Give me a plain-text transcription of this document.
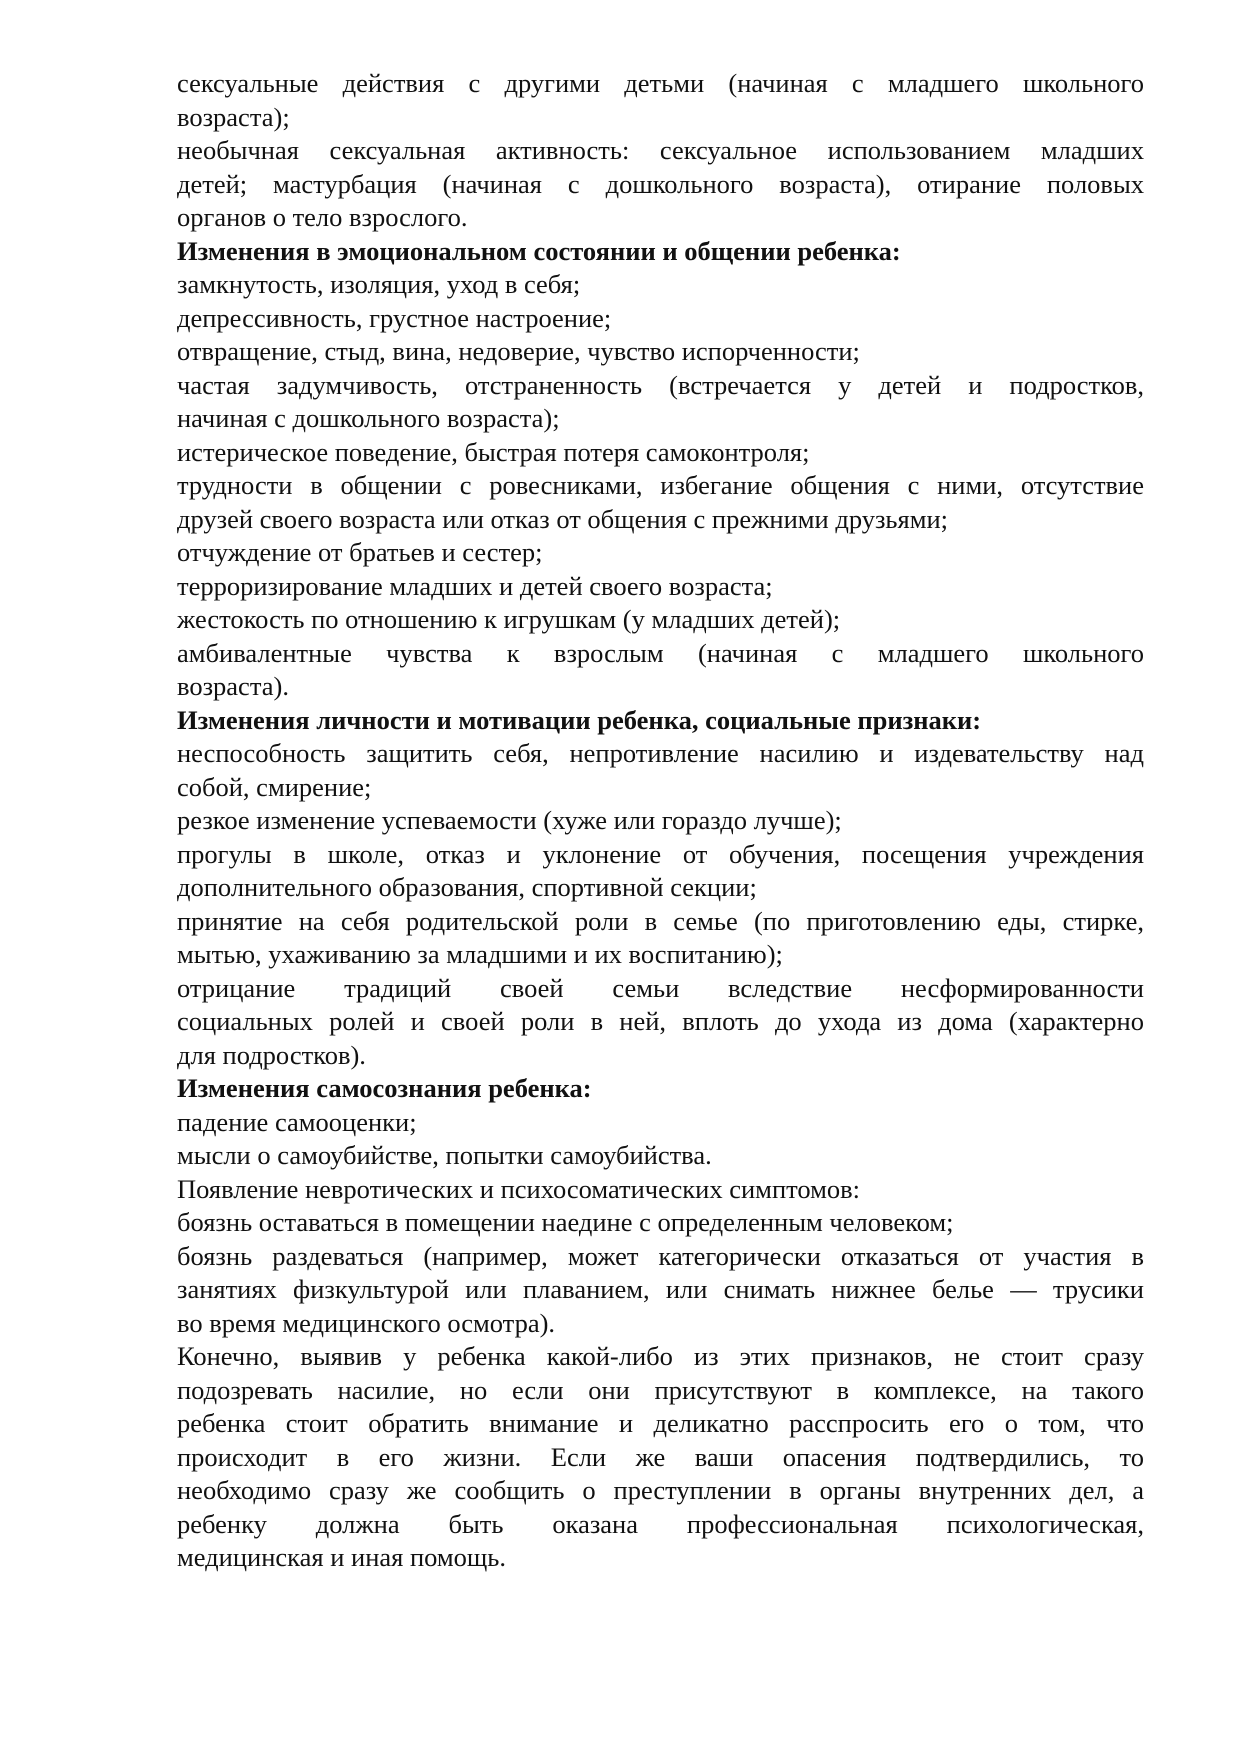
сексуальные действия с другими детьми (начиная с младшего школьного
возраста);
необычная сексуальная активность: сексуальное использованием младших
детей; мастурбация (начиная с дошкольного возраста), отирание половых
органов о тело взрослого.
Изменения в эмоциональном состоянии и общении ребенка:
замкнутость, изоляция, уход в себя;
депрессивность, грустное настроение;
отвращение, стыд, вина, недоверие, чувство испорченности;
частая задумчивость, отстраненность (встречается у детей и подростков,
начиная с дошкольного возраста);
истерическое поведение, быстрая потеря самоконтроля;
трудности в общении с ровесниками, избегание общения с ними, отсутствие
друзей своего возраста или отказ от общения с прежними друзьями;
отчуждение от братьев и сестер;
терроризирование младших и детей своего возраста;
жестокость по отношению к игрушкам (у младших детей);
амбивалентные чувства к взрослым (начиная с младшего школьного
возраста).
Изменения личности и мотивации ребенка, социальные признаки:
неспособность защитить себя, непротивление насилию и издевательству над
собой, смирение;
резкое изменение успеваемости (хуже или гораздо лучше);
прогулы в школе, отказ и уклонение от обучения, посещения учреждения
дополнительного образования, спортивной секции;
принятие на себя родительской роли в семье (по приготовлению еды, стирке,
мытью, ухаживанию за младшими и их воспитанию);
отрицание традиций своей семьи вследствие несформированности
социальных ролей и своей роли в ней, вплоть до ухода из дома (характерно
для подростков).
Изменения самосознания ребенка:
падение самооценки;
мысли о самоубийстве, попытки самоубийства.
Появление невротических и психосоматических симптомов:
боязнь оставаться в помещении наедине с определенным человеком;
боязнь раздеваться (например, может категорически отказаться от участия в
занятиях физкультурой или плаванием, или снимать нижнее белье — трусики
во время медицинского осмотра).
Конечно, выявив у ребенка какой-либо из этих признаков, не стоит сразу
подозревать насилие, но если они присутствуют в комплексе, на такого
ребенка стоит обратить внимание и деликатно расспросить его о том, что
происходит в его жизни. Если же ваши опасения подтвердились, то
необходимо сразу же сообщить о преступлении в органы внутренних дел, а
ребенку должна быть оказана профессиональная психологическая,
медицинская и иная помощь.
